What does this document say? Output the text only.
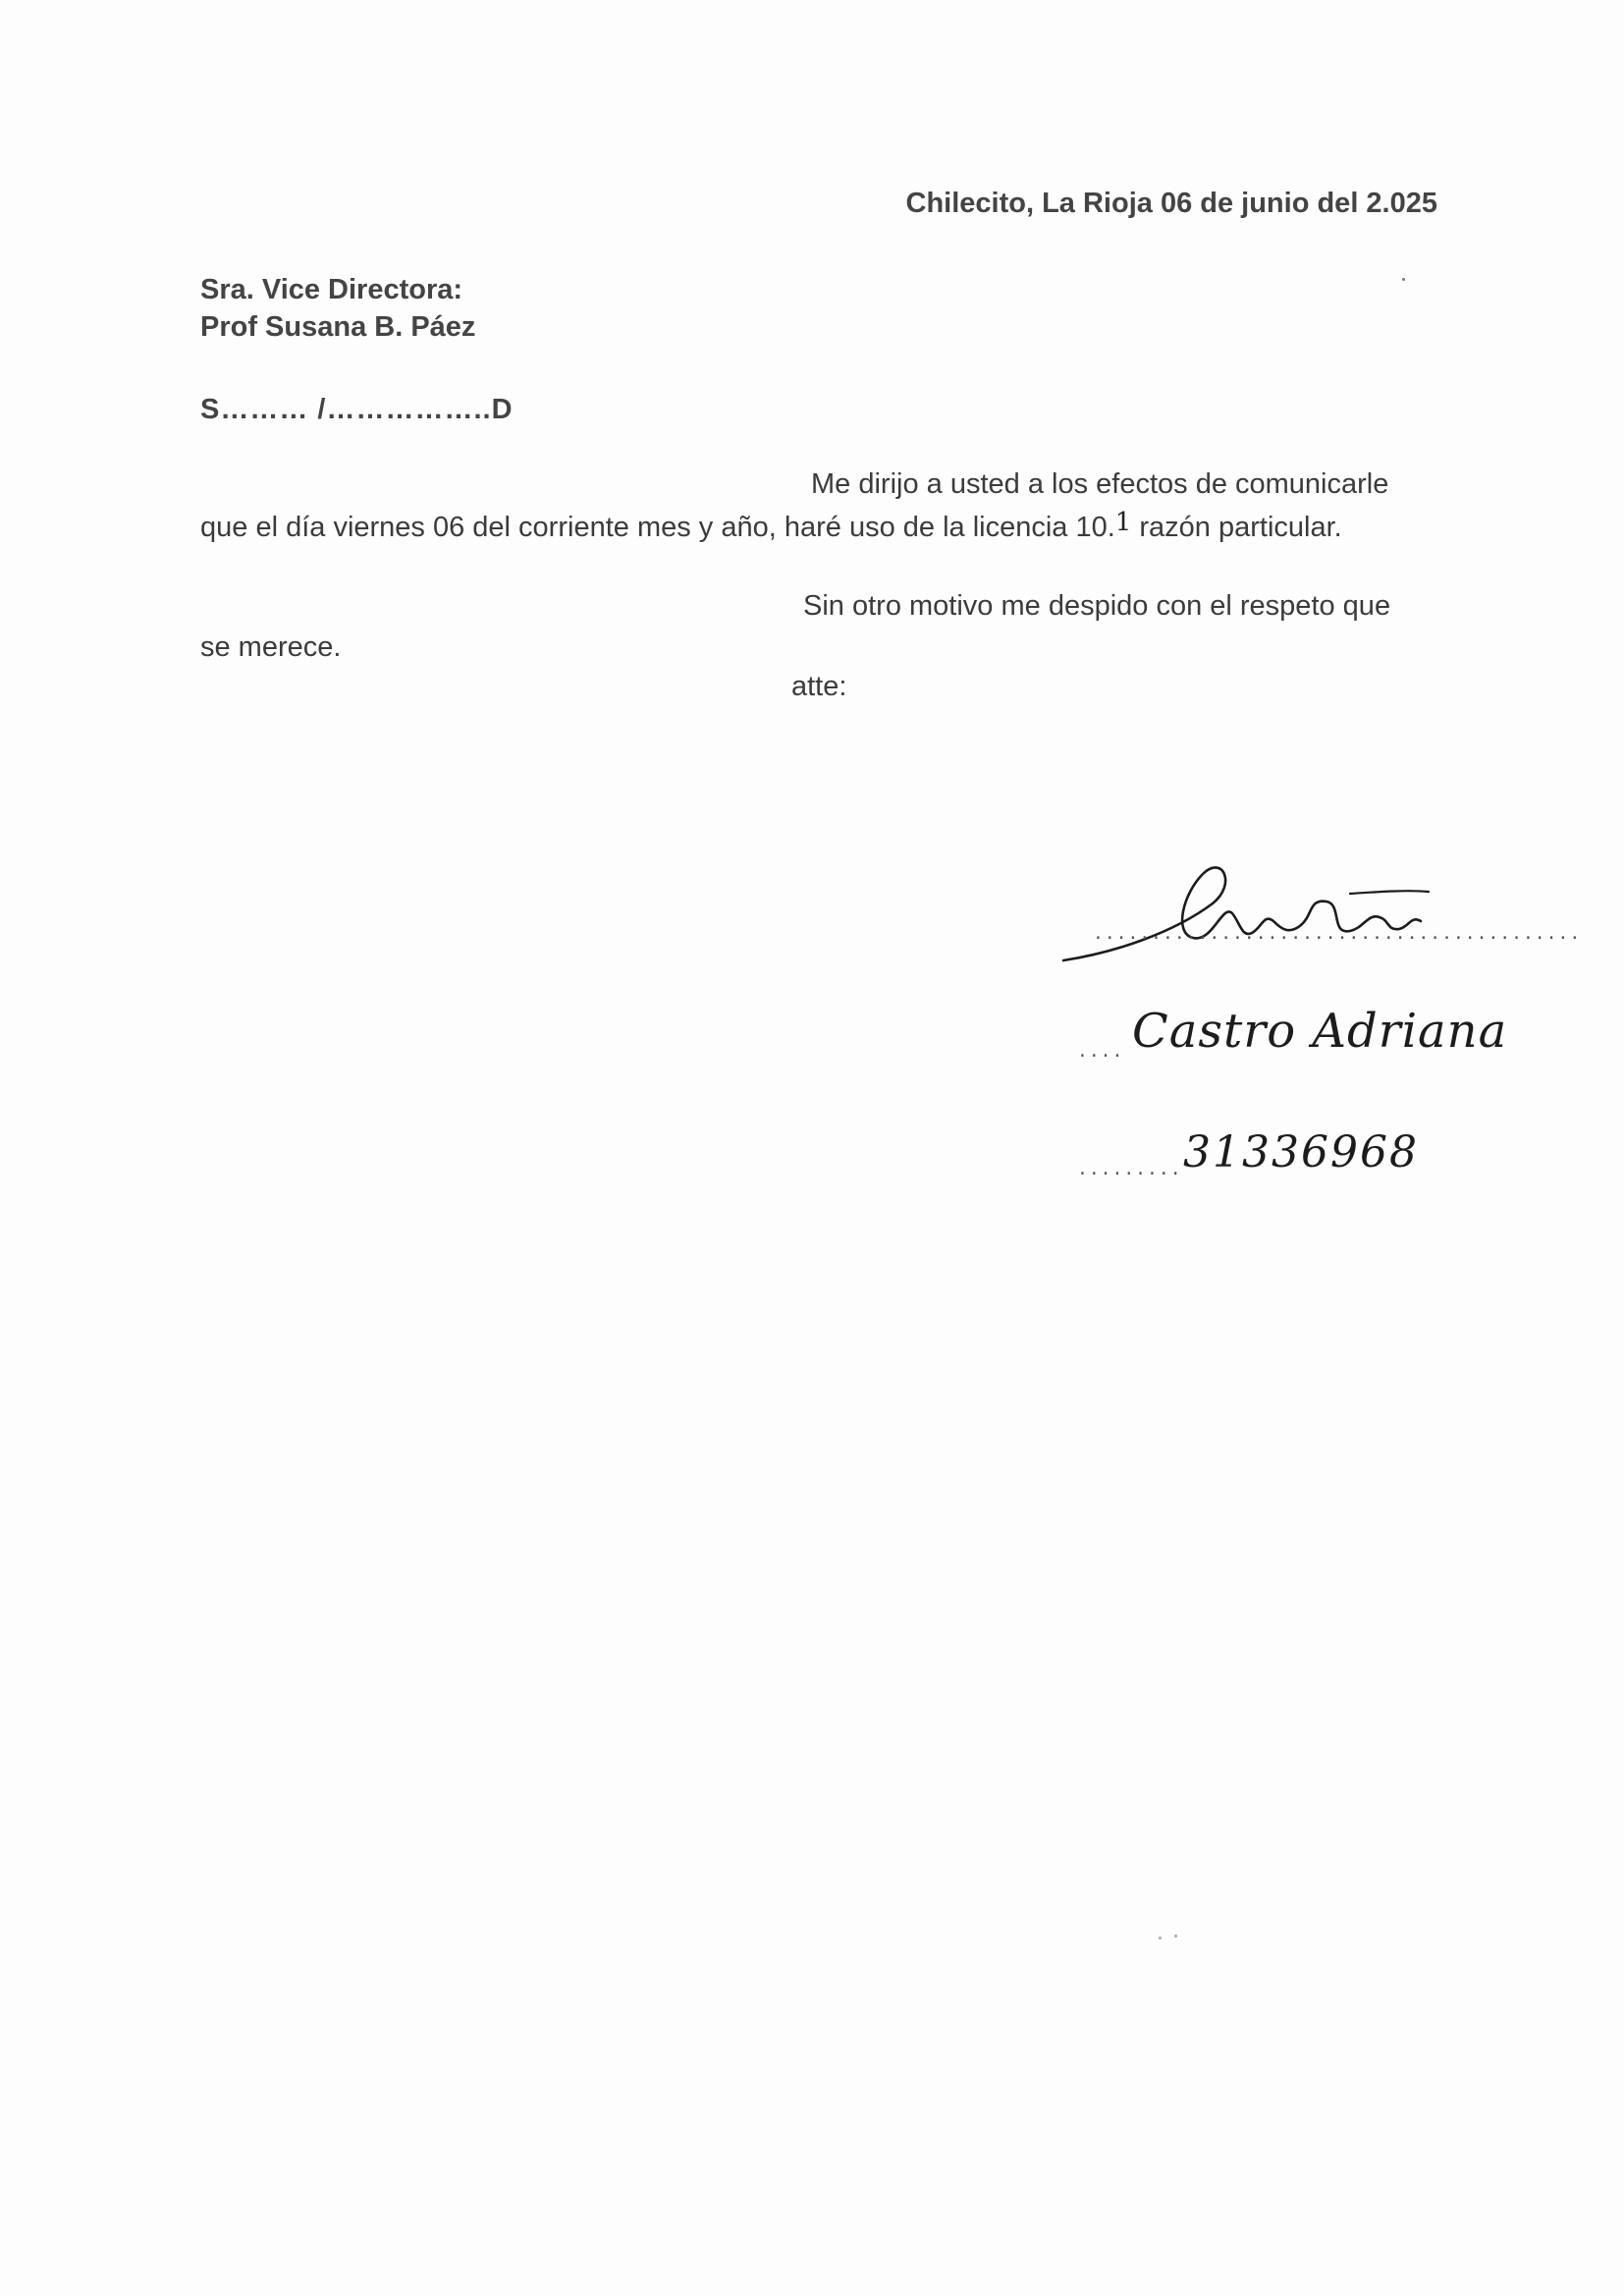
Chilecito, La Rioja 06 de junio del 2.025
Sra. Vice Directora:
Prof Susana B. Páez
S……… /……………..D
Me dirijo a usted a los efectos de comunicarle
que el día viernes 06 del corriente mes y año, haré uso de la licencia 10.1 razón particular.
Sin otro motivo me despido con el respeto que
se merece.
atte:
..........................................
.... Castro Adriana
......... 31336968
